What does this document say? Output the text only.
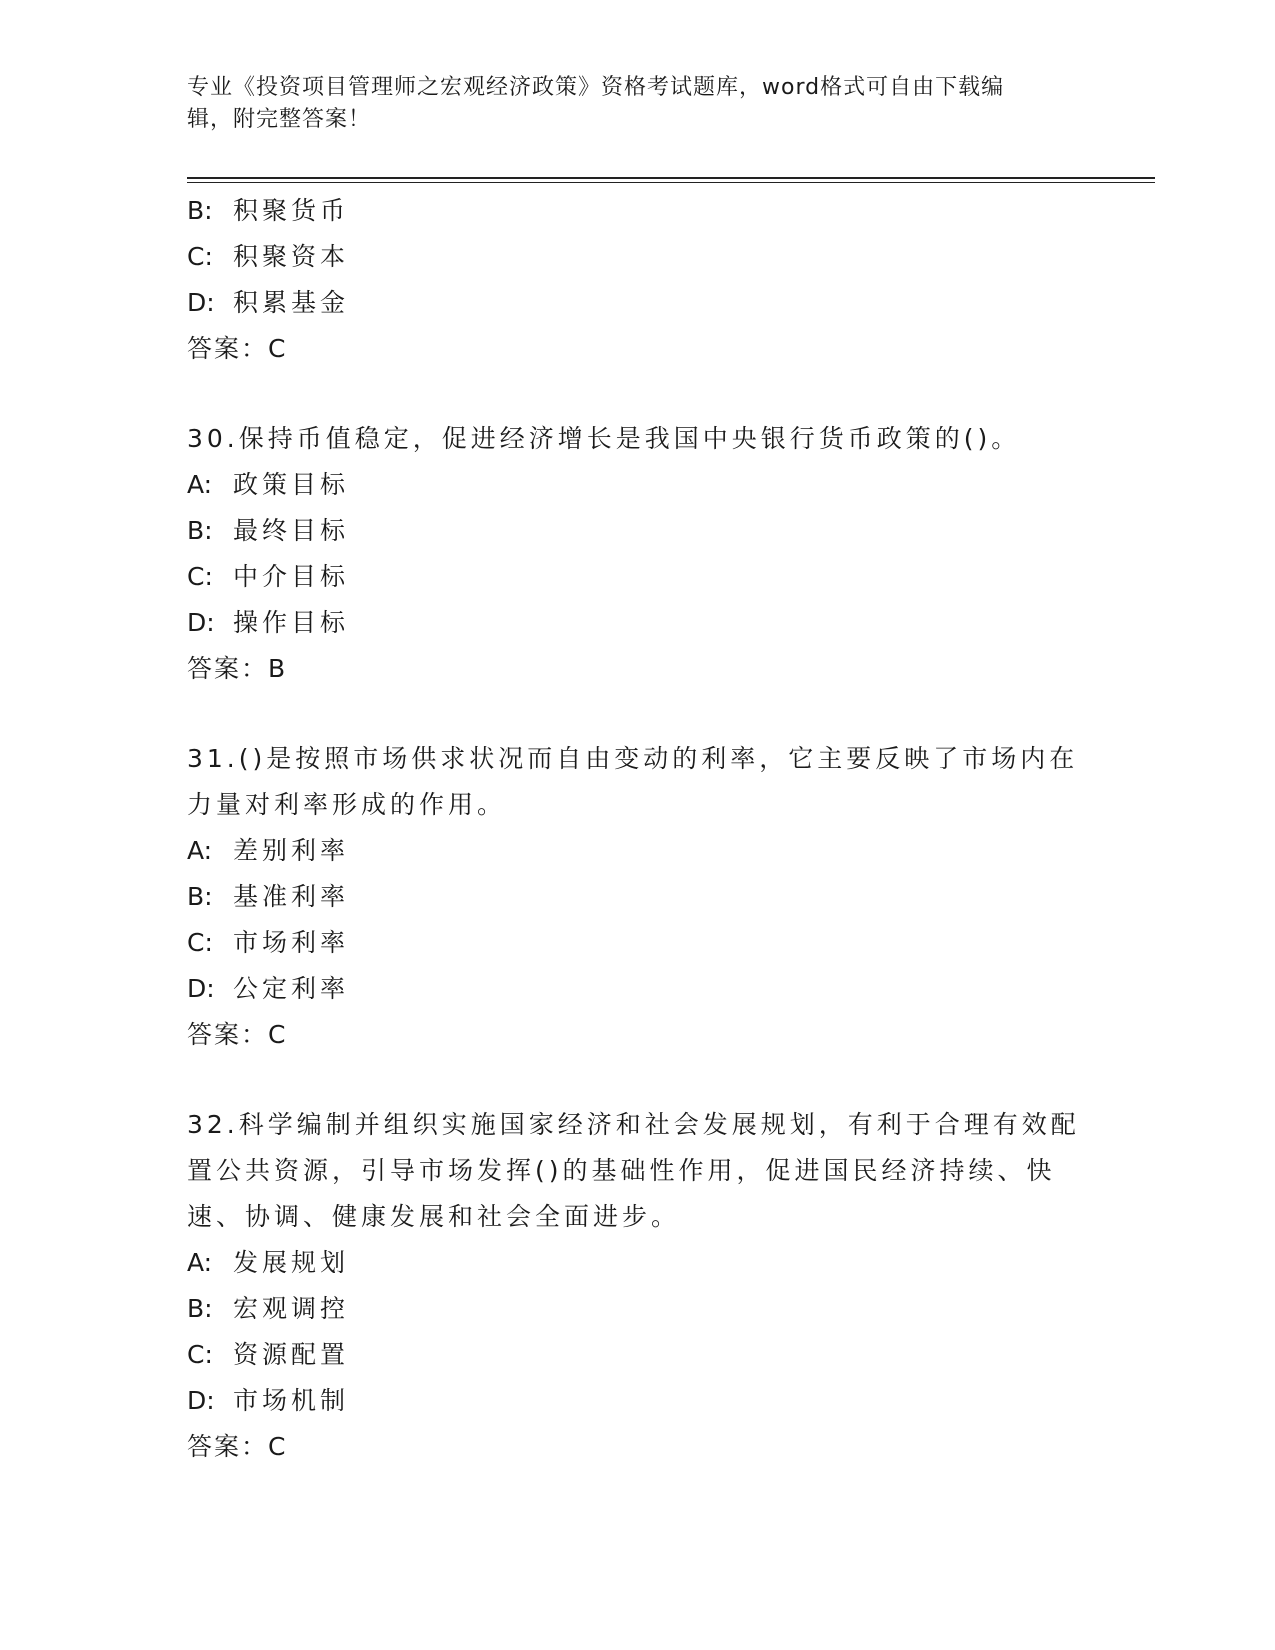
专业《投资项目管理师之宏观经济政策》资格考试题库，word格式可自由下载编
辑，附完整答案！
B: 积聚货币
C: 积聚资本
D: 积累基金
答案：C
30.保持币值稳定，促进经济增长是我国中央银行货币政策的()。
A: 政策目标
B: 最终目标
C: 中介目标
D: 操作目标
答案：B
31.()是按照市场供求状况而自由变动的利率，它主要反映了市场内在
力量对利率形成的作用。
A: 差别利率
B: 基准利率
C: 市场利率
D: 公定利率
答案：C
32.科学编制并组织实施国家经济和社会发展规划，有利于合理有效配
置公共资源，引导市场发挥()的基础性作用，促进国民经济持续、快
速、协调、健康发展和社会全面进步。
A: 发展规划
B: 宏观调控
C: 资源配置
D: 市场机制
答案：C
